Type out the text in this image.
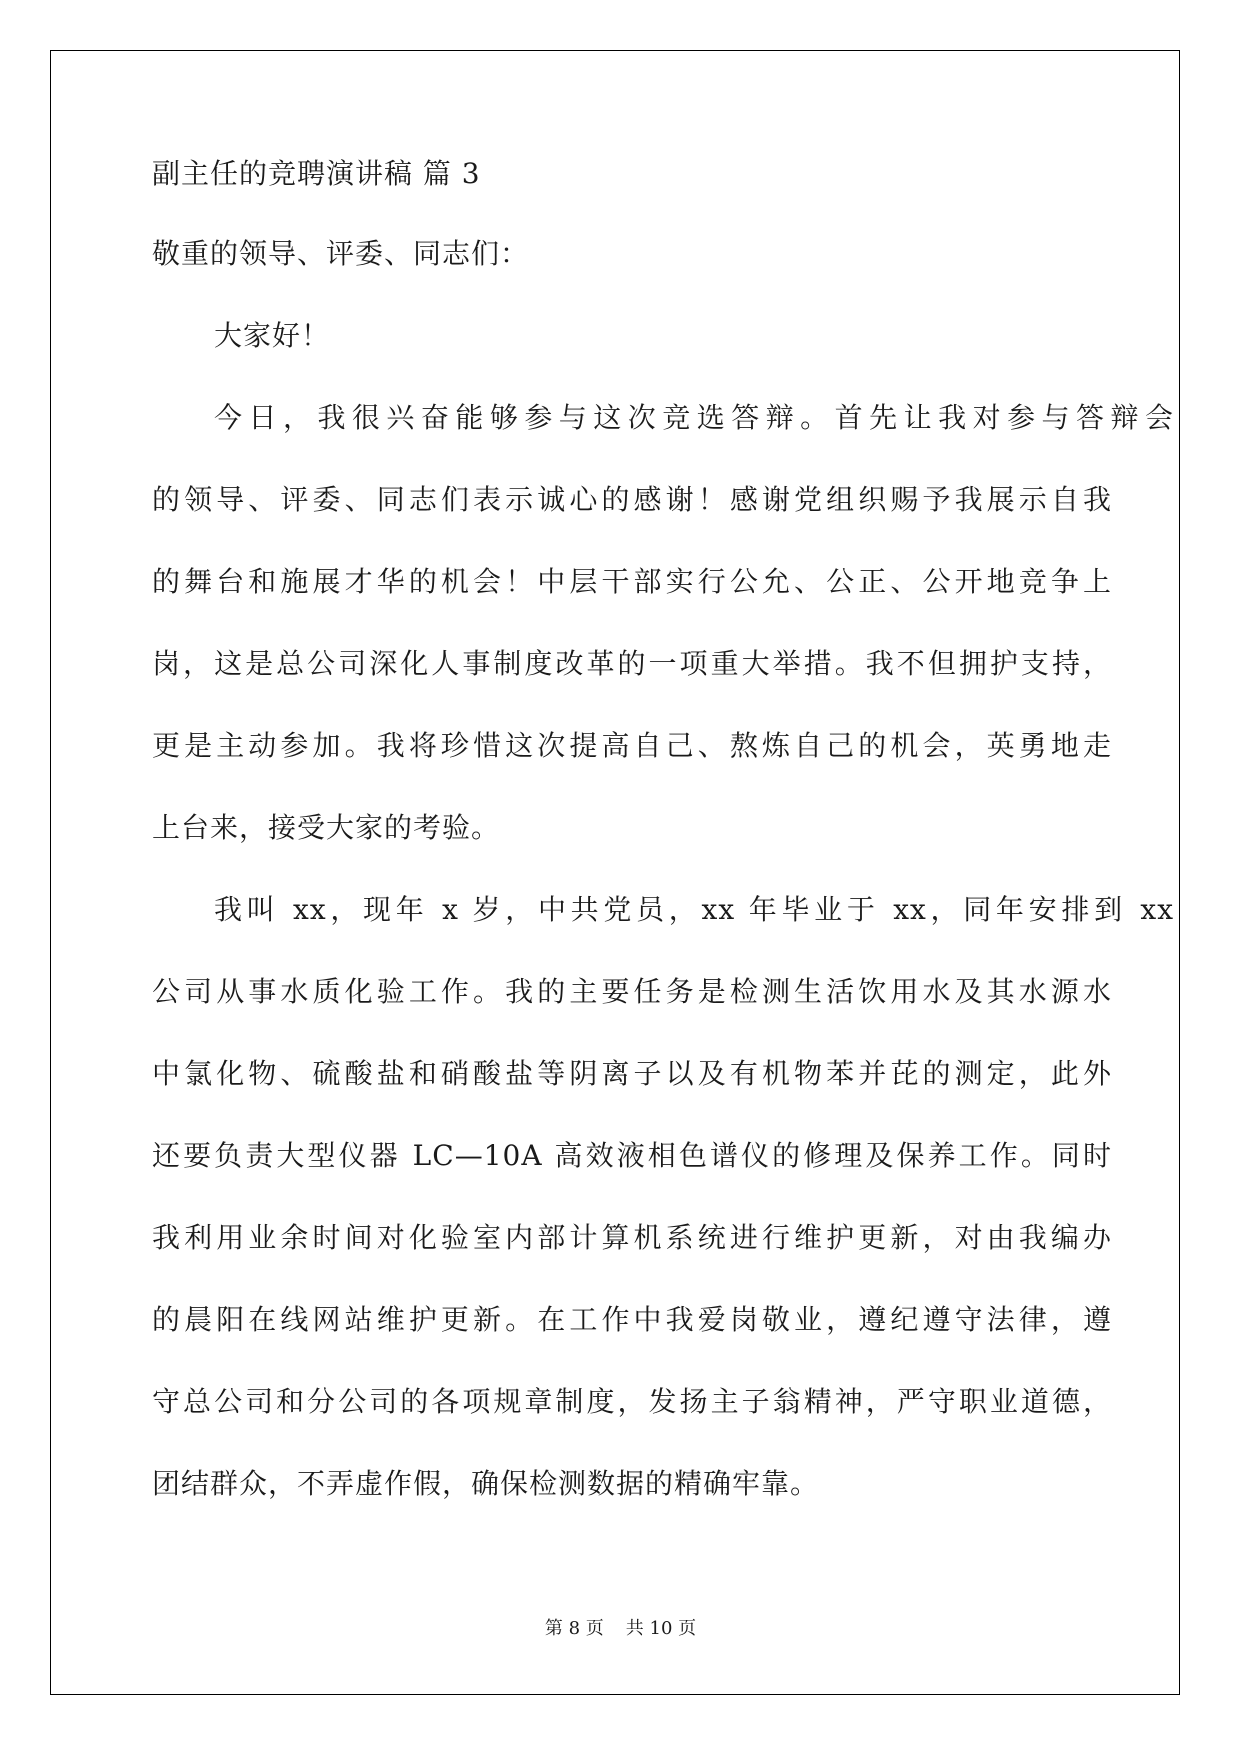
副主任的竞聘演讲稿 篇 3
敬重的领导、评委、同志们：
大家好！
今日，我很兴奋能够参与这次竞选答辩。首先让我对参与答辩会
的领导、评委、同志们表示诚心的感谢！感谢党组织赐予我展示自我
的舞台和施展才华的机会！中层干部实行公允、公正、公开地竞争上
岗，这是总公司深化人事制度改革的一项重大举措。我不但拥护支持，
更是主动参加。我将珍惜这次提高自己、熬炼自己的机会，英勇地走
上台来，接受大家的考验。
我叫 xx，现年 x 岁，中共党员，xx 年毕业于 xx，同年安排到 xx
公司从事水质化验工作。我的主要任务是检测生活饮用水及其水源水
中氯化物、硫酸盐和硝酸盐等阴离子以及有机物苯并芘的测定，此外
还要负责大型仪器 LC—10A 高效液相色谱仪的修理及保养工作。同时
我利用业余时间对化验室内部计算机系统进行维护更新，对由我编办
的晨阳在线网站维护更新。在工作中我爱岗敬业，遵纪遵守法律，遵
守总公司和分公司的各项规章制度，发扬主子翁精神，严守职业道德，
团结群众，不弄虚作假，确保检测数据的精确牢靠。
第 8 页 共 10 页
